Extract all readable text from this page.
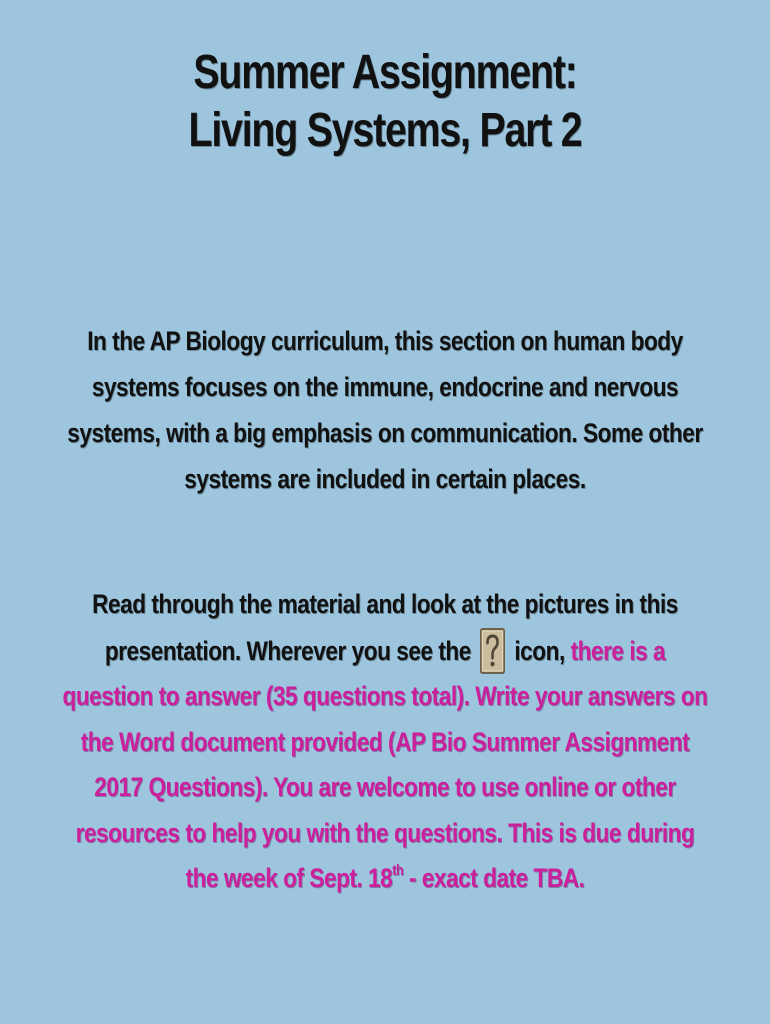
Summer Assignment:
Living Systems, Part 2
In the AP Biology curriculum, this section on human body
systems focuses on the immune, endocrine and nervous
systems, with a big emphasis on communication. Some other
systems are included in certain places.
Read through the material and look at the pictures in this
presentation. Wherever you see the icon, there is a
question to answer (35 questions total). Write your answers on
the Word document provided (AP Bio Summer Assignment
2017 Questions). You are welcome to use online or other
resources to help you with the questions. This is due during
the week of Sept. 18th - exact date TBA.
